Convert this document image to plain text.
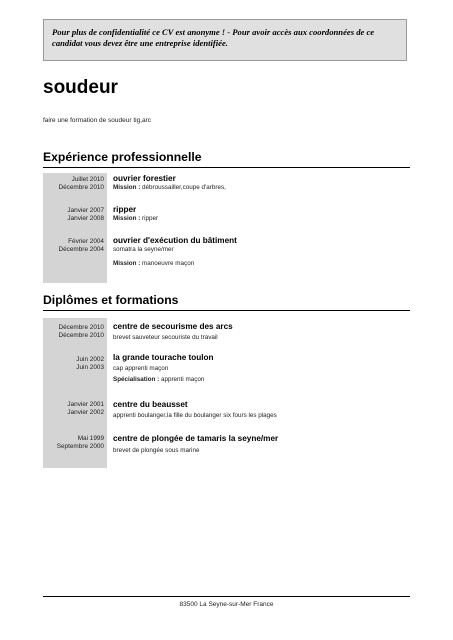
Pour plus de confidentialité ce CV est anonyme ! - Pour avoir accès aux coordonnées de ce candidat vous devez être une entreprise identifiée.
soudeur
faire une formation de soudeur tig,arc
Expérience professionnelle
Juillet 2010
Décembre 2010
ouvrier forestier
Mission : débroussailler,coupe d'arbres,
Janvier 2007
Janvier 2008
ripper
Mission : ripper
Février 2004
Décembre 2004
ouvrier d'exécution du bâtiment
somatra la seyne/mer
Mission : manoeuvre maçon
Diplômes et formations
Décembre 2010
Décembre 2010
centre de secourisme des arcs
brevet sauveteur secouriste du travail
Juin 2002
Juin 2003
la grande tourache toulon
cap apprenti maçon
Spécialisation : apprenti maçon
Janvier 2001
Janvier 2002
centre du beausset
apprenti boulanger,la fille du boulanger six fours les plages
Mai 1999
Septembre 2000
centre de plongée de tamaris la seyne/mer
brevet de plongée sous marine
83500 La Seyne-sur-Mer France
